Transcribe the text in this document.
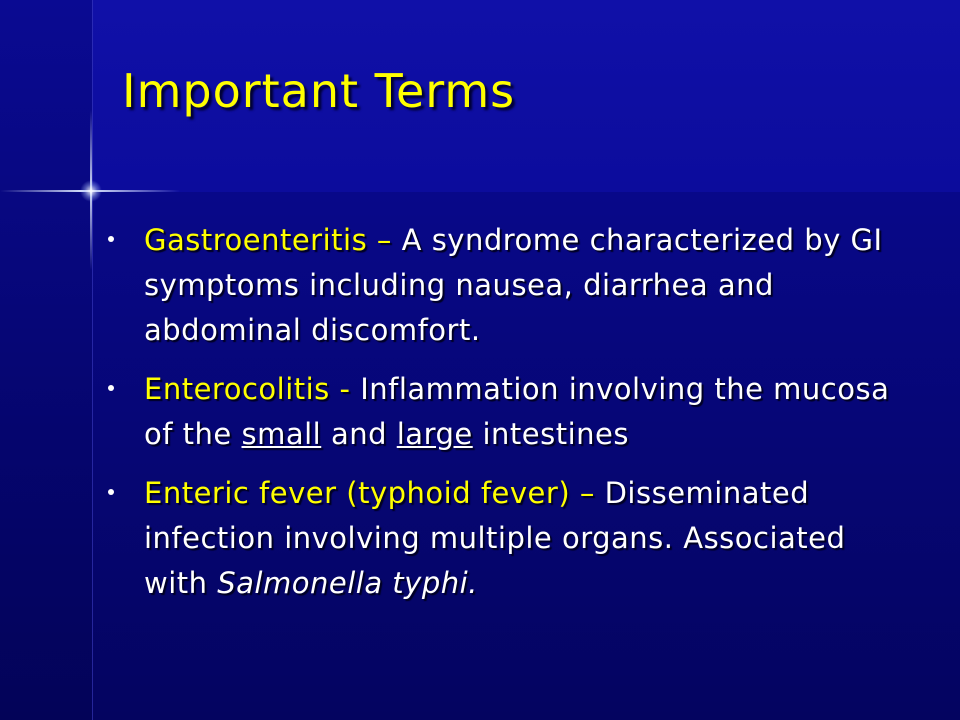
Important Terms
Gastroenteritis – A syndrome characterized by GI symptoms including nausea, diarrhea and abdominal discomfort.
Enterocolitis - Inflammation involving the mucosa of the small and large intestines
Enteric fever (typhoid fever) – Disseminated infection involving multiple organs. Associated with Salmonella typhi.
